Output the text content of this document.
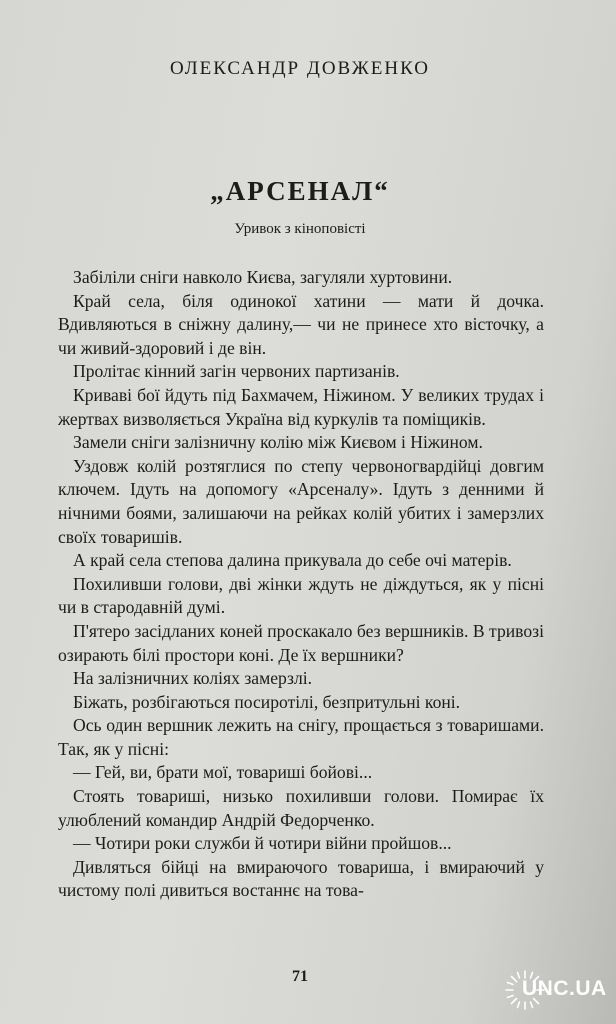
ОЛЕКСАНДР ДОВЖЕНКО
„АРСЕНАЛ“
Уривок з кіноповісті

Забіліли сніги навколо Києва, загуляли хуртовини.

Край села, біля одинокої хатини — мати й дочка. Вдивляються в сніжну далину,— чи не принесе хто вісточку, а чи живий-здоровий і де він.

Пролітає кінний загін червоних партизанів.

Криваві бої йдуть під Бахмачем, Ніжином. У великих трудах і жертвах визволяється Україна від куркулів та поміщиків.

Замели сніги залізничну колію між Києвом і Ніжином.

Уздовж колій розтяглися по степу червоногвардійці довгим ключем. Ідуть на допомогу «Арсеналу». Ідуть з денними й нічними боями, залишаючи на рейках колій убитих і замерзлих своїх товаришів.

А край села степова далина прикувала до себе очі матерів.

Похиливши голови, дві жінки ждуть не діждуться, як у пісні чи в стародавній думі.

П'ятеро засідланих коней проскакало без вершників. В тривозі озирають білі простори коні. Де їх вершники?

На залізничних коліях замерзлі.

Біжать, розбігаються посиротілі, безпритульні коні.

Ось один вершник лежить на снігу, прощається з товаришами. Так, як у пісні:

— Гей, ви, брати мої, товариші бойові...

Стоять товариші, низько похиливши голови. Помирає їх улюблений командир Андрій Федорченко.

— Чотири роки служби й чотири війни пройшов...

Дивляться бійці на вмираючого товариша, і вмираючий у чистому полі дивиться востаннє на това-

71
UNC.UA
